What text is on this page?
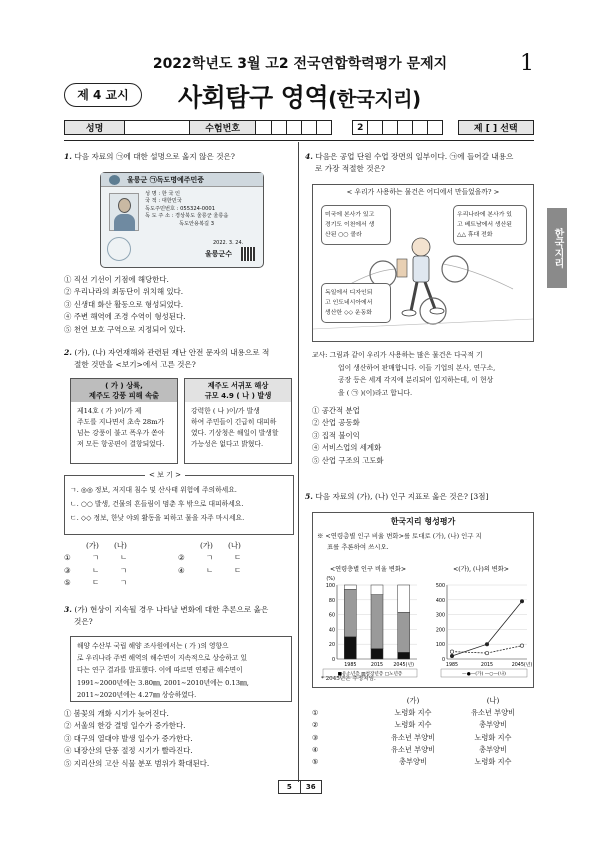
2022학년도 3월 고2 전국연합학력평가 문제지	1
제 4 교시	사회탐구 영역(한국지리)
성명		수험번호							2							제 [ ] 선택
한국지리
1. 다음 자료의 ㉠에 대한 설명으로 옳지 않은 것은?
울릉군 ㉠독도명예주민증
성 명 : 한 국 인
국 적 : 대한민국
독도주민번호 : 055324-0001
독 도 주 소 : 경상북도 울릉군 울릉읍
독도안용복길 3
2022. 3. 24.
울릉군수
① 직선 기선이 기점에 해당한다.
② 우리나라의 최동단이 위치해 있다.
③ 신생대 화산 활동으로 형성되었다.
④ 주변 해역에 조경 수역이 형성된다.
⑤ 천연 보호 구역으로 지정되어 있다.
2. (가), (나) 자연재해와 관련된 재난 안전 문자의 내용으로 적
절한 것만을 <보기>에서 고른 것은?
( 가 ) 상륙,
제주도 강풍 피해 속출
제14호 ( 가 )이/가 제
주도를 지나면서 초속 28m가
넘는 강풍이 불고 폭우가 쏟아
져 모든 항공편이 결항되었다.
제주도 서귀포 해상
규모 4.9 ( 나 ) 발생
강력한 ( 나 )이/가 발생
하여 주민들이 긴급히 대피하
였다. 기상청은 해일이 발생할
가능성은 없다고 밝혔다.
< 보 기 >
ㄱ. ◎◎ 정보, 저지대 침수 및 산사태 위험에 주의하세요.
ㄴ. ○○ 발생, 건물의 흔들림이 멈춘 후 밖으로 대피하세요.
ㄷ. ◇◇ 정보, 한낮 야외 활동을 피하고 물을 자주 마시세요.
(가)	(나)	(가)	(나)
①	ㄱ	ㄴ	②	ㄱ	ㄷ
③	ㄴ	ㄱ	④	ㄴ	ㄷ
⑤	ㄷ	ㄱ
3. (가) 현상이 지속될 경우 나타날 변화에 대한 추론으로 옳은
것은?
해양 수산부 국립 해양 조사원에서는 ( 가 )의 영향으
로 우리나라 주변 해역의 해수면이 지속적으로 상승하고 있
다는 연구 결과를 발표했다. 이에 따르면 연평균 해수면이
1991∼2000년에는 3.80㎜, 2001∼2010년에는 0.13㎜,
2011∼2020년에는 4.27㎜ 상승하였다.
① 봄꽃의 개화 시기가 늦어진다.
② 서울의 한강 결빙 일수가 증가한다.
③ 대구의 열대야 발생 일수가 증가한다.
④ 내장산의 단풍 절정 시기가 빨라진다.
⑤ 지리산의 고산 식물 분포 범위가 확대된다.
4. 다음은 공업 단원 수업 장면의 일부이다. ㉠에 들어갈 내용으
로 가장 적절한 것은?
< 우리가 사용하는 물건은 어디에서 만들었을까? >
미국에 본사가 있고
경기도 이천에서 생
산된 ○○ 콜라
우리나라에 본사가 있
고 베트남에서 생산된
△△ 휴대 전화
독일에서 디자인되
고 인도네시아에서
생산한 ◇◇ 운동화
교사: 그림과 같이 우리가 사용하는 많은 물건은 다국적 기
업이 생산하여 판매합니다. 이들 기업의 본사, 연구소,
공장 등은 세계 각지에 분리되어 입지하는데, 이 현상
을 ( ㉠ )(이)라고 합니다.
① 공간적 분업
② 산업 공동화
③ 집적 불이익
④ 서비스업의 세계화
⑤ 산업 구조의 고도화
5. 다음 자료의 (가), (나) 인구 지표로 옳은 것은? [3점]
한국지리 형성평가
※ <연령층별 인구 비율 변화>를 토대로 (가), (나) 인구 지
표를 추론하여 쓰시오.
<연령층별 인구 비율 변화>
(%)
0
20
40
60
80
100
1985	2015 2045(년)
■유소년층 ▥청장년층 □노년층
<(가), (나)의 변화>
0
100
200
300
400
500
1985	2015	2045(년)
—●—(가) —○—(나)
* 2045년은 추정치임.
(가)	(나)
①	노령화 지수	유소년 부양비
②	노령화 지수	총부양비
③	유소년 부양비	노령화 지수
④	유소년 부양비	총부양비
⑤	총부양비	노령화 지수
5	36
